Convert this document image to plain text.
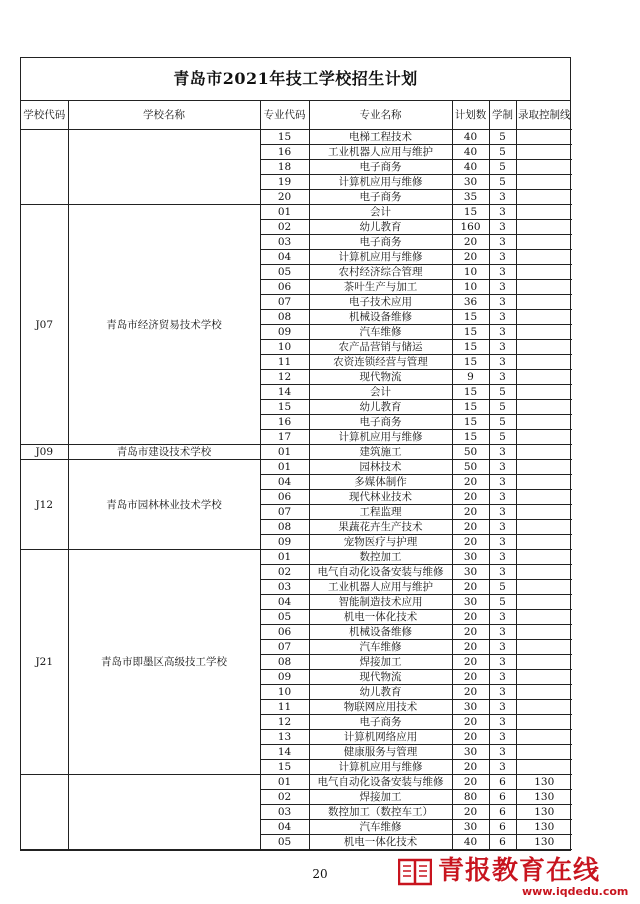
青岛市2021年技工学校招生计划
学校代码	学校名称	专业代码	专业名称	计划数	学制	录取控制线
		15	电梯工程技术	40	5	
		16	工业机器人应用与维护	40	5	
		18	电子商务	40	5	
		19	计算机应用与维修	30	5	
		20	电子商务	35	3	
J07	青岛市经济贸易技术学校	01	会计	15	3	
		02	幼儿教育	160	3	
		03	电子商务	20	3	
		04	计算机应用与维修	20	3	
		05	农村经济综合管理	10	3	
		06	茶叶生产与加工	10	3	
		07	电子技术应用	36	3	
		08	机械设备维修	15	3	
		09	汽车维修	15	3	
		10	农产品营销与储运	15	3	
		11	农资连锁经营与管理	15	3	
		12	现代物流	9	3	
		14	会计	15	5	
		15	幼儿教育	15	5	
		16	电子商务	15	5	
		17	计算机应用与维修	15	5	
J09	青岛市建设技术学校	01	建筑施工	50	3	
J12	青岛市园林林业技术学校	01	园林技术	50	3	
		04	多媒体制作	20	3	
		06	现代林业技术	20	3	
		07	工程监理	20	3	
		08	果蔬花卉生产技术	20	3	
		09	宠物医疗与护理	20	3	
J21	青岛市即墨区高级技工学校	01	数控加工	30	3	
		02	电气自动化设备安装与维修	30	3	
		03	工业机器人应用与维护	20	5	
		04	智能制造技术应用	30	5	
		05	机电一体化技术	20	3	
		06	机械设备维修	20	3	
		07	汽车维修	20	3	
		08	焊接加工	20	3	
		09	现代物流	20	3	
		10	幼儿教育	20	3	
		11	物联网应用技术	30	3	
		12	电子商务	20	3	
		13	计算机网络应用	20	3	
		14	健康服务与管理	30	3	
		15	计算机应用与维修	20	3	
		01	电气自动化设备安装与维修	20	6	130
		02	焊接加工	80	6	130
		03	数控加工（数控车工）	20	6	130
		04	汽车维修	30	6	130
		05	机电一体化技术	40	6	130
20	青报教育在线
www.iqdedu.com
